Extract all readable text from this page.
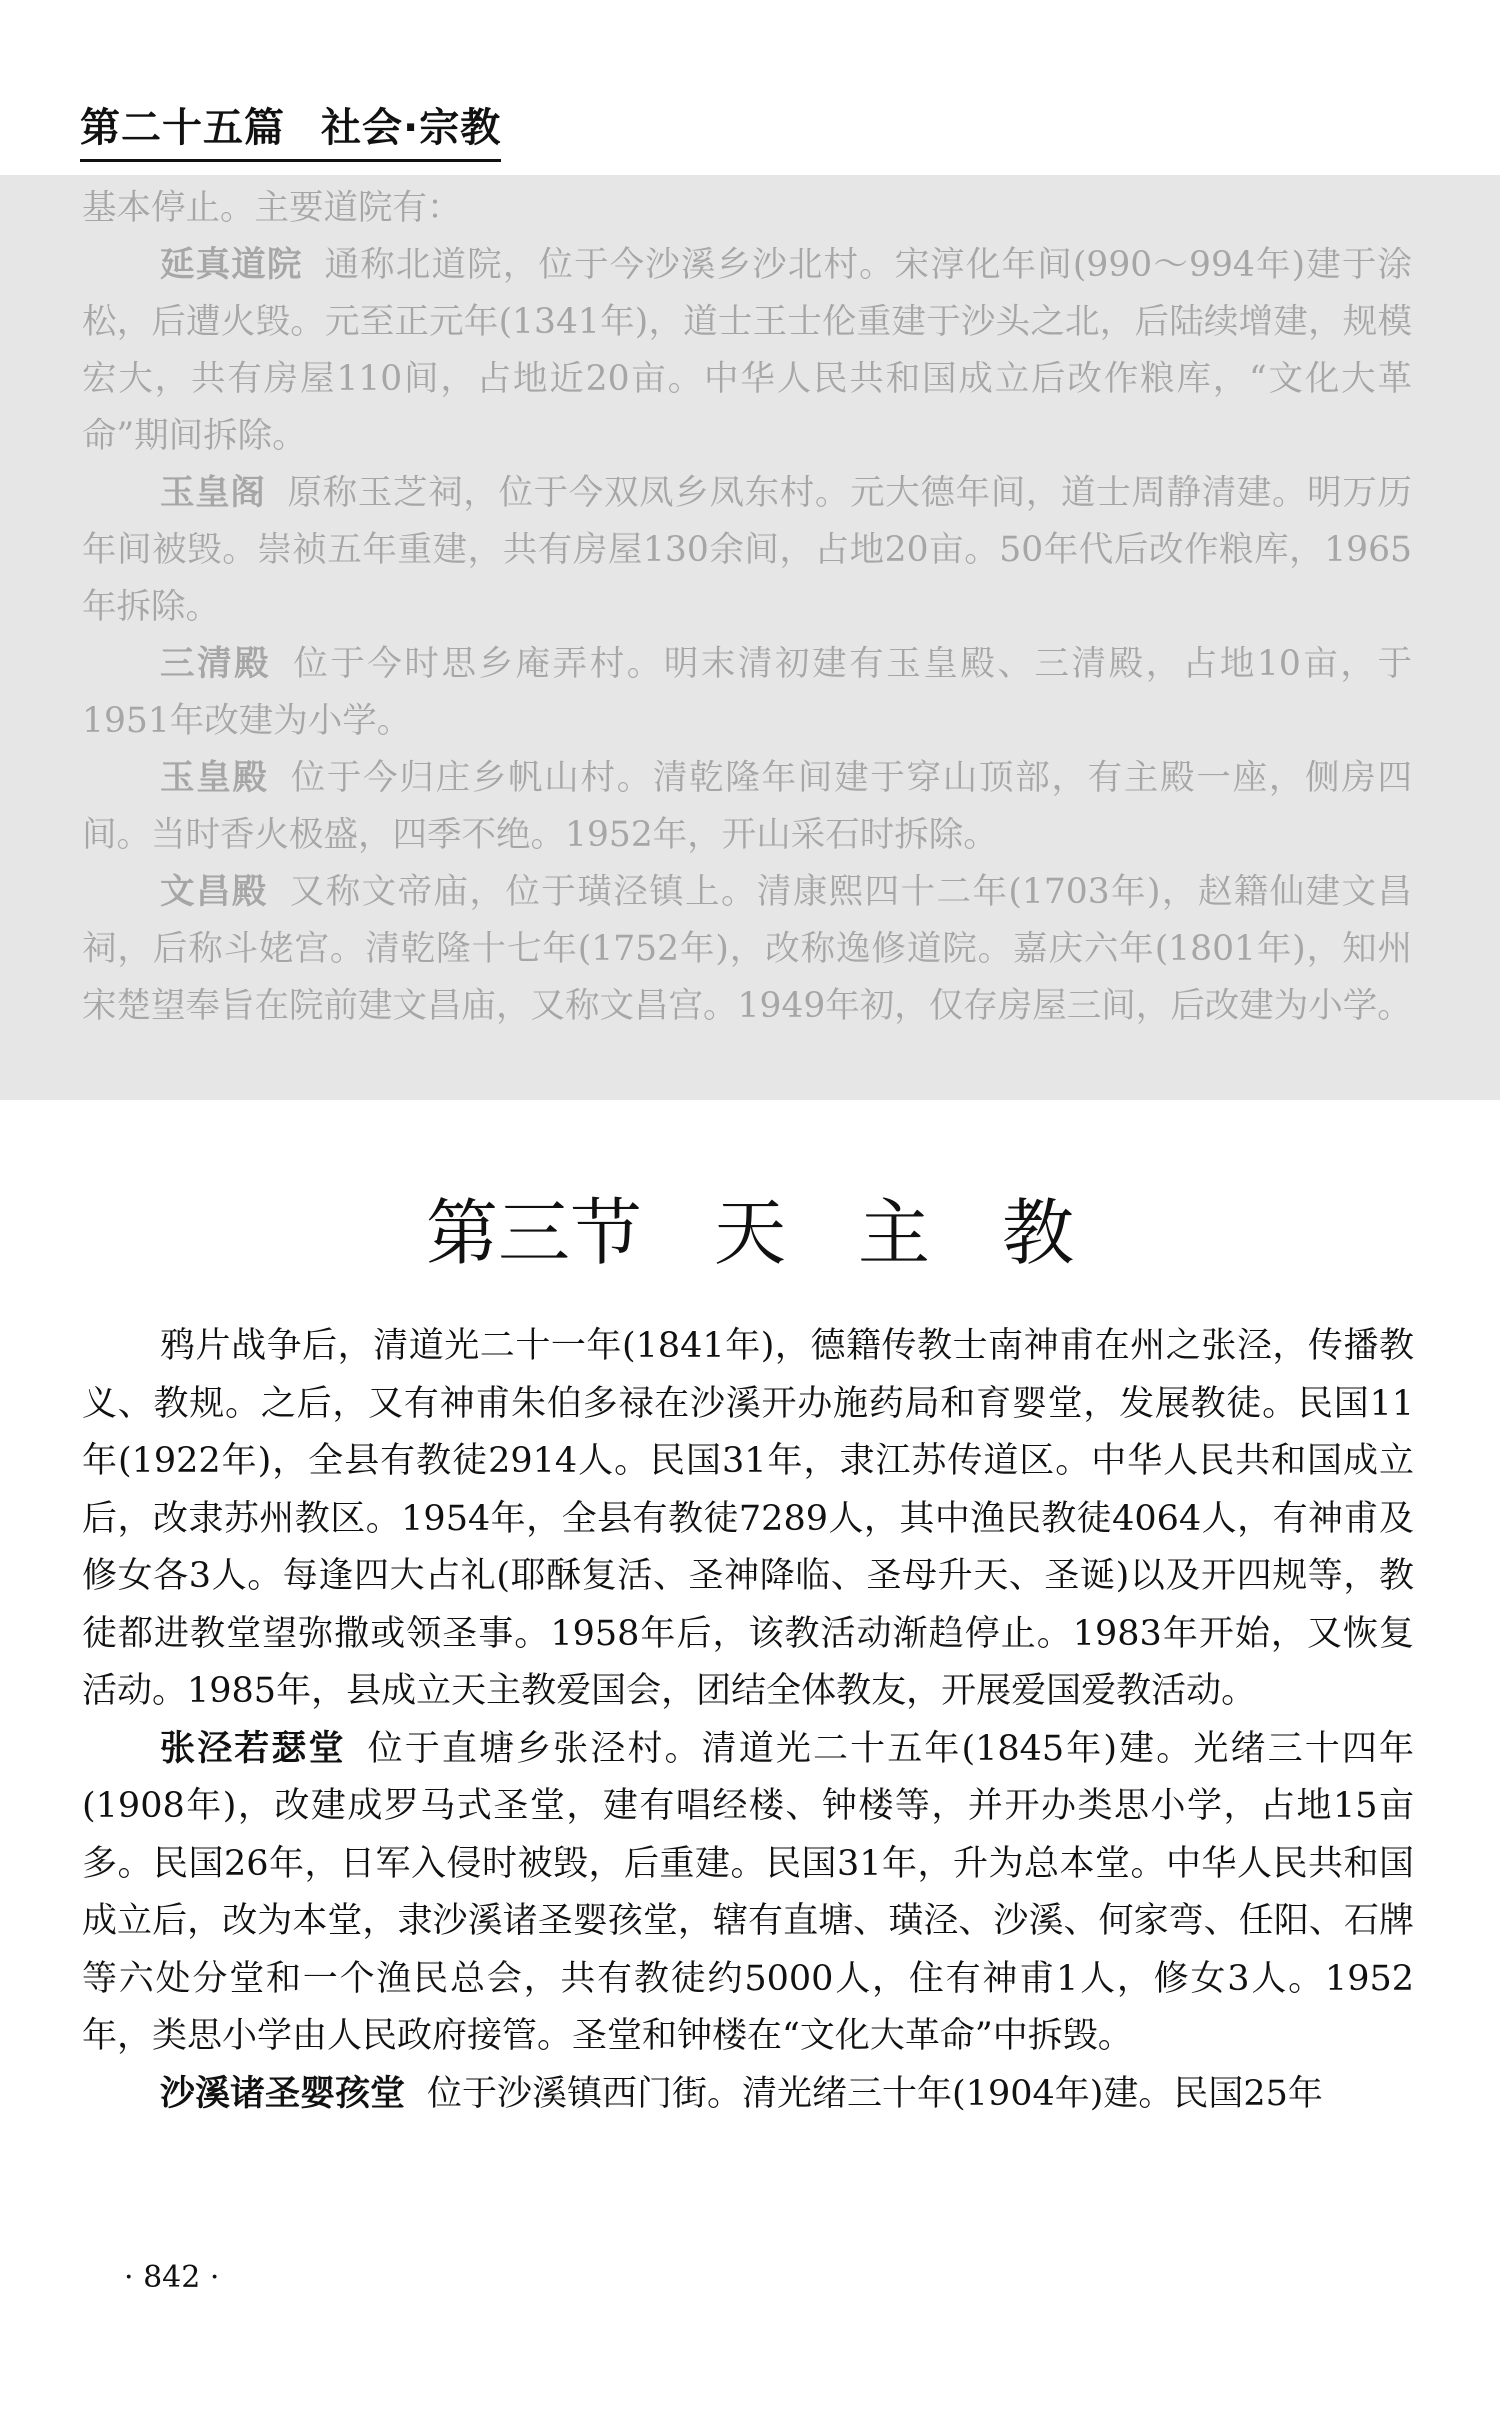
第二十五篇 社会·宗教

基本停止。主要道院有：

延真道院 通称北道院，位于今沙溪乡沙北村。宋淳化年间(990～994年)建于涂松，后遭火毁。元至正元年(1341年)，道士王士伦重建于沙头之北，后陆续增建，规模宏大，共有房屋110间，占地近20亩。中华人民共和国成立后改作粮库，“文化大革命”期间拆除。

玉皇阁 原称玉芝祠，位于今双凤乡凤东村。元大德年间，道士周静清建。明万历年间被毁。崇祯五年重建，共有房屋130余间，占地20亩。50年代后改作粮库，1965年拆除。

三清殿 位于今时思乡庵弄村。明末清初建有玉皇殿、三清殿，占地10亩，于1951年改建为小学。

玉皇殿 位于今归庄乡帆山村。清乾隆年间建于穿山顶部，有主殿一座，侧房四间。当时香火极盛，四季不绝。1952年，开山采石时拆除。

文昌殿 又称文帝庙，位于璜泾镇上。清康熙四十二年(1703年)，赵籍仙建文昌祠，后称斗姥宫。清乾隆十七年(1752年)，改称逸修道院。嘉庆六年(1801年)，知州宋楚望奉旨在院前建文昌庙，又称文昌宫。1949年初，仅存房屋三间，后改建为小学。

第三节 天 主 教

鸦片战争后，清道光二十一年(1841年)，德籍传教士南神甫在州之张泾，传播教义、教规。之后，又有神甫朱伯多禄在沙溪开办施药局和育婴堂，发展教徒。民国11年(1922年)，全县有教徒2914人。民国31年，隶江苏传道区。中华人民共和国成立后，改隶苏州教区。1954年，全县有教徒7289人，其中渔民教徒4064人，有神甫及修女各3人。每逢四大占礼(耶酥复活、圣神降临、圣母升天、圣诞)以及开四规等，教徒都进教堂望弥撒或领圣事。1958年后，该教活动渐趋停止。1983年开始，又恢复活动。1985年，县成立天主教爱国会，团结全体教友，开展爱国爱教活动。

张泾若瑟堂 位于直塘乡张泾村。清道光二十五年(1845年)建。光绪三十四年(1908年)，改建成罗马式圣堂，建有唱经楼、钟楼等，并开办类思小学，占地15亩多。民国26年，日军入侵时被毁，后重建。民国31年，升为总本堂。中华人民共和国成立后，改为本堂，隶沙溪诸圣婴孩堂，辖有直塘、璜泾、沙溪、何家弯、任阳、石牌等六处分堂和一个渔民总会，共有教徒约5000人，住有神甫1人，修女3人。1952年，类思小学由人民政府接管。圣堂和钟楼在“文化大革命”中拆毁。

沙溪诸圣婴孩堂 位于沙溪镇西门街。清光绪三十年(1904年)建。民国25年

· 842 ·
